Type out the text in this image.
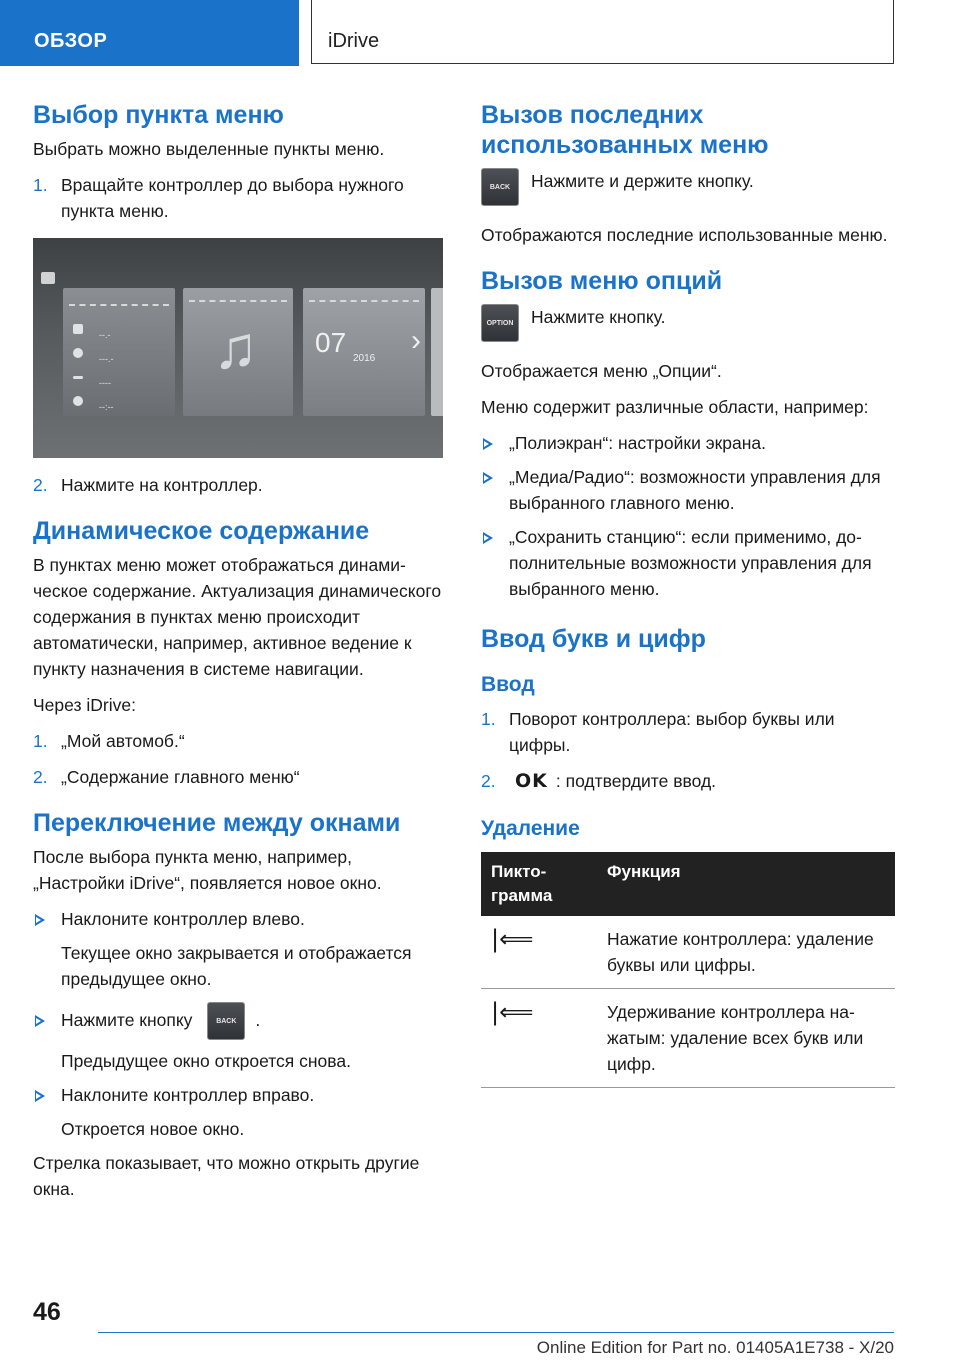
ОБЗОР	iDrive
Выбор пункта меню

Выбрать можно выделенные пункты меню.

1. Вращайте контроллер до выбора нужного пункта меню.
--.-
---.-
----
--:--
♫ 07
2016
›
2. Нажмите на контроллер.
Динамическое содержание

В пунктах меню может отображаться динамическое содержание. Актуализация динамического содержания в пунктах меню происходит автоматически, например, активное ведение к пункту назначения в системе навигации.

Через iDrive:

1. „Мой автомоб.“
2. „Содержание главного меню“
Переключение между окнами

После выбора пункта меню, например, „Настройки iDrive“, появляется новое окно.

Наклоните контроллер влево.
Текущее окно закрывается и отображается предыдущее окно.
Нажмите кнопку	BACK .
Предыдущее окно откроется снова.
Наклоните контроллер вправо.
Откроется новое окно.

Стрелка показывает, что можно открыть другие окна.

Вызов последних использованных меню
BACK	Нажмите и держите кнопку.

Отображаются последние использованные меню.

Вызов меню опций
OPTION	Нажмите кнопку.

Отображается меню „Опции“.

Меню содержит различные области, например:

„Полиэкран“: настройки экрана.
„Медиа/Радио“: возможности управления для выбранного главного меню.
„Сохранить станцию“: если применимо, дополнительные возможности управления для выбранного меню.
Ввод букв и цифр
Ввод
1. Поворот контроллера: выбор буквы или цифры.
2. OK : подтвердите ввод.
Удаление
Пиктограмма	Функция
|⟸	Нажатие контроллера: удаление буквы или цифры.
|⟸	Удерживание контроллера нажатым: удаление всех букв или цифр.
46
Online Edition for Part no. 01405A1E738 - X/20
